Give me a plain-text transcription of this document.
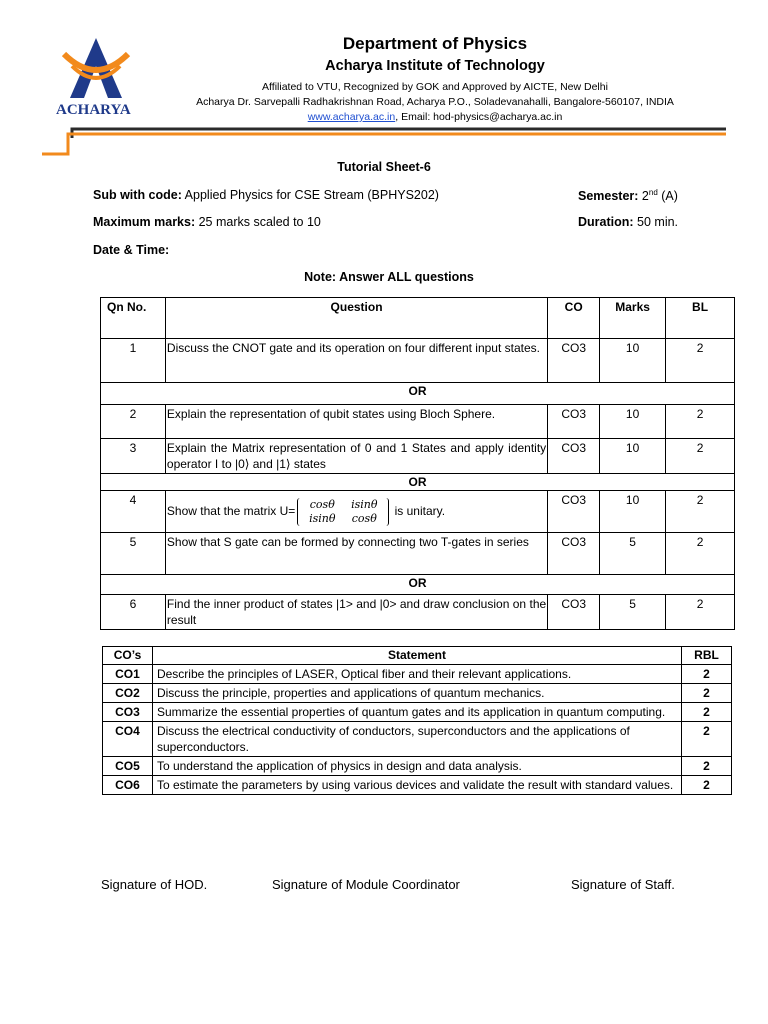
ACHARYA
Department of Physics
Acharya Institute of Technology
Affiliated to VTU, Recognized by GOK and Approved by AICTE, New Delhi
Acharya Dr. Sarvepalli Radhakrishnan Road, Acharya P.O., Soladevanahalli, Bangalore-560107, INDIA
www.acharya.ac.in, Email: hod-physics@acharya.ac.in
Tutorial Sheet-6
Sub with code: Applied Physics for CSE Stream (BPHYS202)	Semester: 2nd (A)
Maximum marks: 25 marks scaled to 10	Duration: 50 min.
Date & Time:
Note: Answer ALL questions
Qn No.	Question	CO	Marks	BL
1	Discuss the CNOT gate and its operation on four different input states.	CO3	10	2
OR				
2	Explain the representation of qubit states using Bloch Sphere.	CO3	10	2
3	Explain the Matrix representation of 0 and 1 States and apply identity operator I to |0⟩ and |1⟩ states	CO3	10	2
OR				
4	Show that the matrix U= cosθ isinθ
isinθ cosθ is unitary.	CO3	10	2
5	Show that S gate can be formed by connecting two T-gates in series	CO3	5	2
OR				
6	Find the inner product of states |1> and |0> and draw conclusion on the result	CO3	5	2
CO’s	Statement	RBL
CO1	Describe the principles of LASER, Optical fiber and their relevant applications.	2
CO2	Discuss the principle, properties and applications of quantum mechanics.	2
CO3	Summarize the essential properties of quantum gates and its application in quantum computing.	2
CO4	Discuss the electrical conductivity of conductors, superconductors and the applications of superconductors.	2
CO5	To understand the application of physics in design and data analysis.	2
CO6	To estimate the parameters by using various devices and validate the result with standard values.	2
Signature of HOD.	Signature of Module Coordinator	Signature of Staff.
